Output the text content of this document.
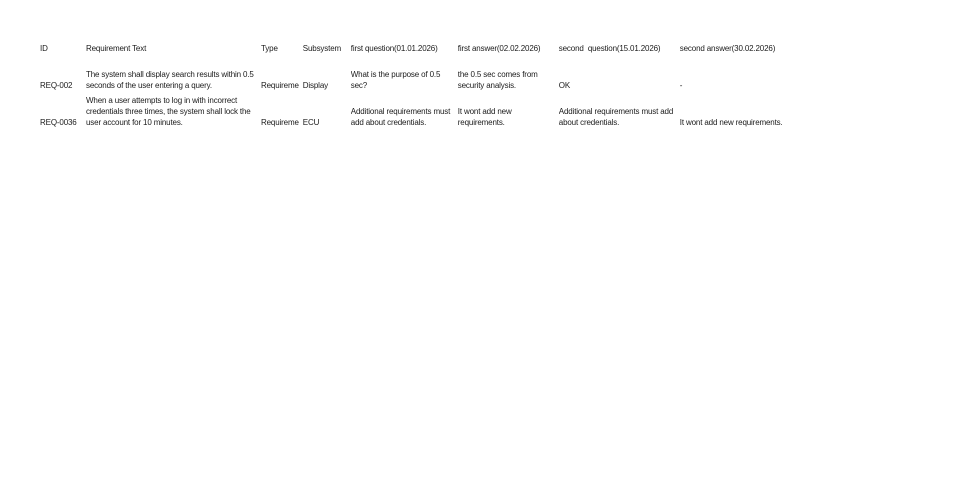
ID	Requirement Text	Type	Subsystem	first question(01.01.2026)	first answer(02.02.2026)	second  question(15.01.2026)	second answer(30.02.2026)
REQ-002	The system shall display search results within 0.5 seconds of the user entering a query.	Requireme	Display	What is the purpose of 0.5 sec?	the 0.5 sec comes from security analysis.	OK	-
REQ-0036	When a user attempts to log in with incorrect credentials three times, the system shall lock the user account for 10 minutes.	Requireme	ECU	Additional requirements must add about credentials.	It wont add new requirements.	Additional requirements must add about credentials.	It wont add new requirements.
